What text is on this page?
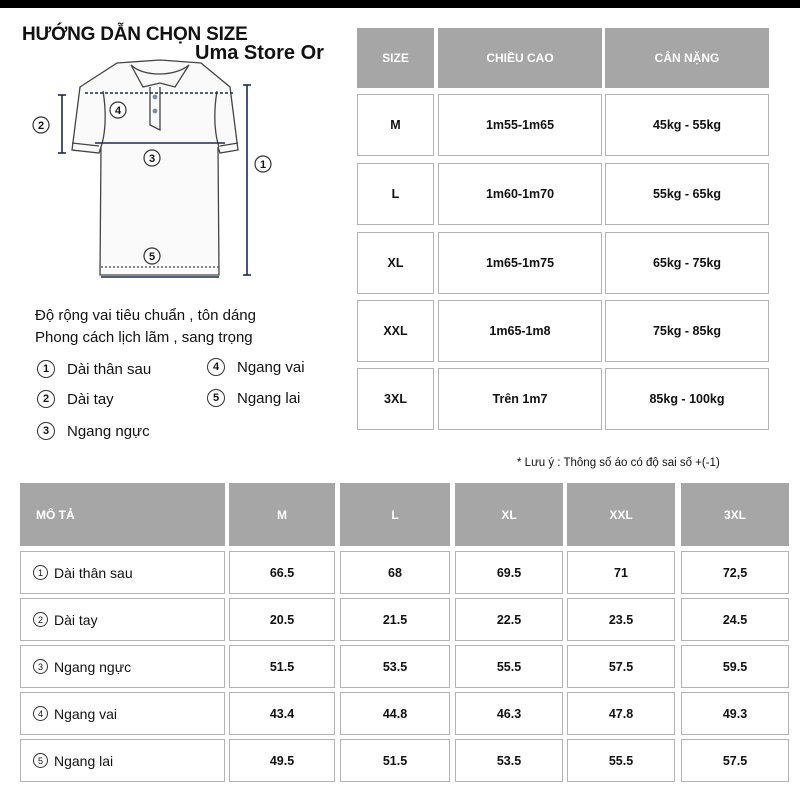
HƯỚNG DẪN CHỌN SIZE
Uma Store Or
4
2
3	1
5
Độ rộng vai tiêu chuẩn , tôn dáng
Phong cách lịch lãm , sang trọng
1	Dài thân sau
2	Dài tay
3	Ngang ngực
4	Ngang vai
5	Ngang lai
SIZE	CHIỀU CAO	CÂN NẶNG
M	1m55-1m65	45kg - 55kg
L	1m60-1m70	55kg - 65kg
XL	1m65-1m75	65kg - 75kg
XXL	1m65-1m8	75kg - 85kg
3XL	Trên 1m7	85kg - 100kg
* Lưu ý : Thông số áo có độ sai số +(-1)
MÔ TẢ	M	L	XL	XXL	3XL
1 Dài thân sau	66.5	68	69.5	71	72,5
2 Dài tay	20.5	21.5	22.5	23.5	24.5
3 Ngang ngực	51.5	53.5	55.5	57.5	59.5
4 Ngang vai	43.4	44.8	46.3	47.8	49.3
5 Ngang lai	49.5	51.5	53.5	55.5	57.5
